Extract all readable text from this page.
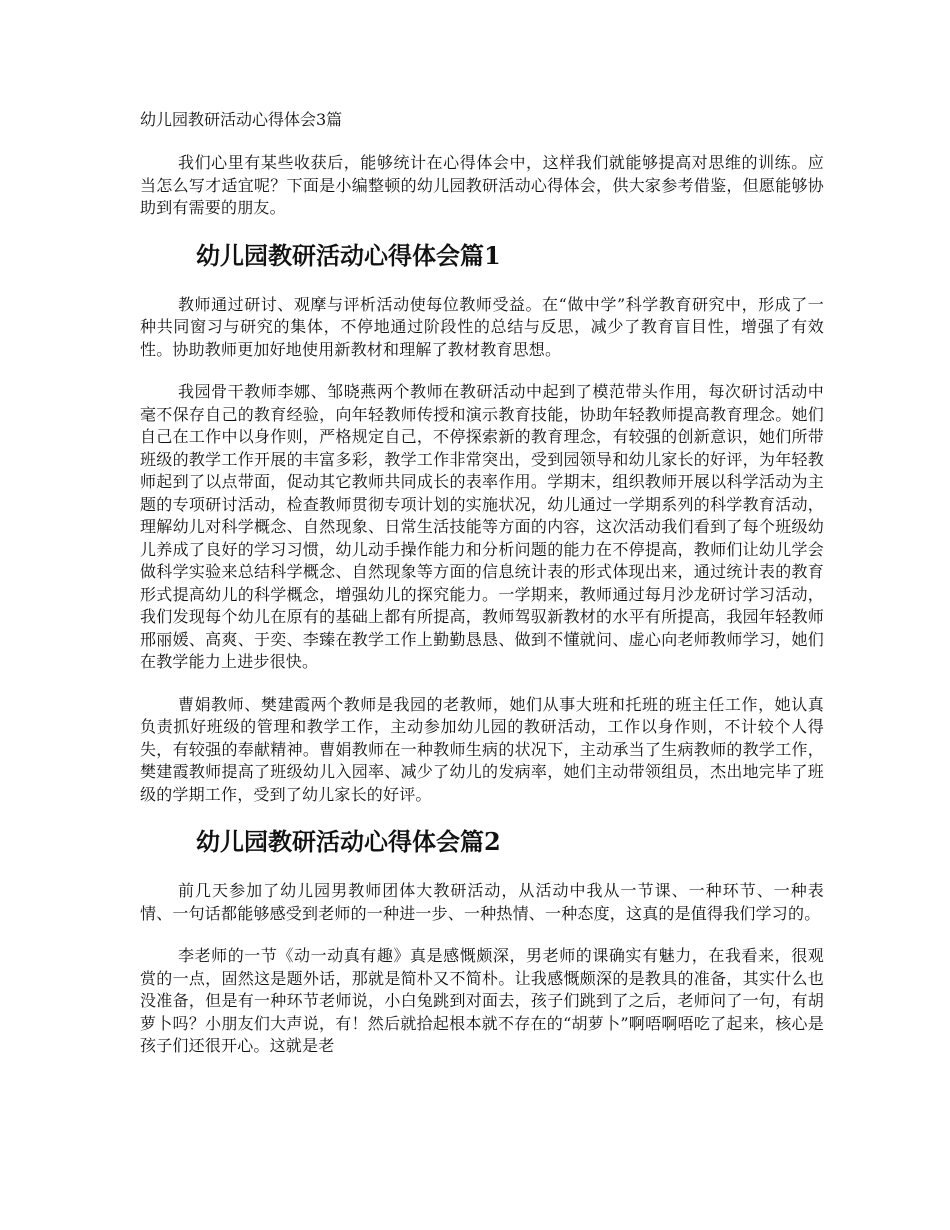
幼儿园教研活动心得体会3篇

我们心里有某些收获后，能够统计在心得体会中，这样我们就能够提高对思维的训练。应当怎么写才适宜呢？下面是小编整顿的幼儿园教研活动心得体会，供大家参考借鉴，但愿能够协助到有需要的朋友。

幼儿园教研活动心得体会篇1

教师通过研讨、观摩与评析活动使每位教师受益。在“做中学”科学教育研究中，形成了一种共同窗习与研究的集体，不停地通过阶段性的总结与反思，减少了教育盲目性，增强了有效性。协助教师更加好地使用新教材和理解了教材教育思想。

我园骨干教师李娜、邹晓燕两个教师在教研活动中起到了模范带头作用，每次研讨活动中毫不保存自己的教育经验，向年轻教师传授和演示教育技能，协助年轻教师提高教育理念。她们自己在工作中以身作则，严格规定自己，不停探索新的教育理念，有较强的创新意识，她们所带班级的教学工作开展的丰富多彩，教学工作非常突出，受到园领导和幼儿家长的好评，为年轻教师起到了以点带面，促动其它教师共同成长的表率作用。学期末，组织教师开展以科学活动为主题的专项研讨活动，检查教师贯彻专项计划的实施状况，幼儿通过一学期系列的科学教育活动，理解幼儿对科学概念、自然现象、日常生活技能等方面的内容，这次活动我们看到了每个班级幼儿养成了良好的学习习惯，幼儿动手操作能力和分析问题的能力在不停提高，教师们让幼儿学会做科学实验来总结科学概念、自然现象等方面的信息统计表的形式体现出来，通过统计表的教育形式提高幼儿的科学概念，增强幼儿的探究能力。一学期来，教师通过每月沙龙研讨学习活动，我们发现每个幼儿在原有的基础上都有所提高，教师驾驭新教材的水平有所提高，我园年轻教师邢丽媛、高爽、于奕、李臻在教学工作上勤勤恳恳、做到不懂就问、虚心向老师教师学习，她们在教学能力上进步很快。

曹娟教师、樊建霞两个教师是我园的老教师，她们从事大班和托班的班主任工作，她认真负责抓好班级的管理和教学工作，主动参加幼儿园的教研活动，工作以身作则，不计较个人得失，有较强的奉献精神。曹娟教师在一种教师生病的状况下，主动承当了生病教师的教学工作，樊建霞教师提高了班级幼儿入园率、减少了幼儿的发病率，她们主动带领组员，杰出地完毕了班级的学期工作，受到了幼儿家长的好评。

幼儿园教研活动心得体会篇2

前几天参加了幼儿园男教师团体大教研活动，从活动中我从一节课、一种环节、一种表情、一句话都能够感受到老师的一种进一步、一种热情、一种态度，这真的是值得我们学习的。

李老师的一节《动一动真有趣》真是感慨颇深，男老师的课确实有魅力，在我看来，很观赏的一点，固然这是题外话，那就是简朴又不简朴。让我感慨颇深的是教具的准备，其实什么也没准备，但是有一种环节老师说，小白兔跳到对面去，孩子们跳到了之后，老师问了一句，有胡萝卜吗？小朋友们大声说，有！然后就拾起根本就不存在的“胡萝卜”啊唔啊唔吃了起来，核心是孩子们还很开心。这就是老
